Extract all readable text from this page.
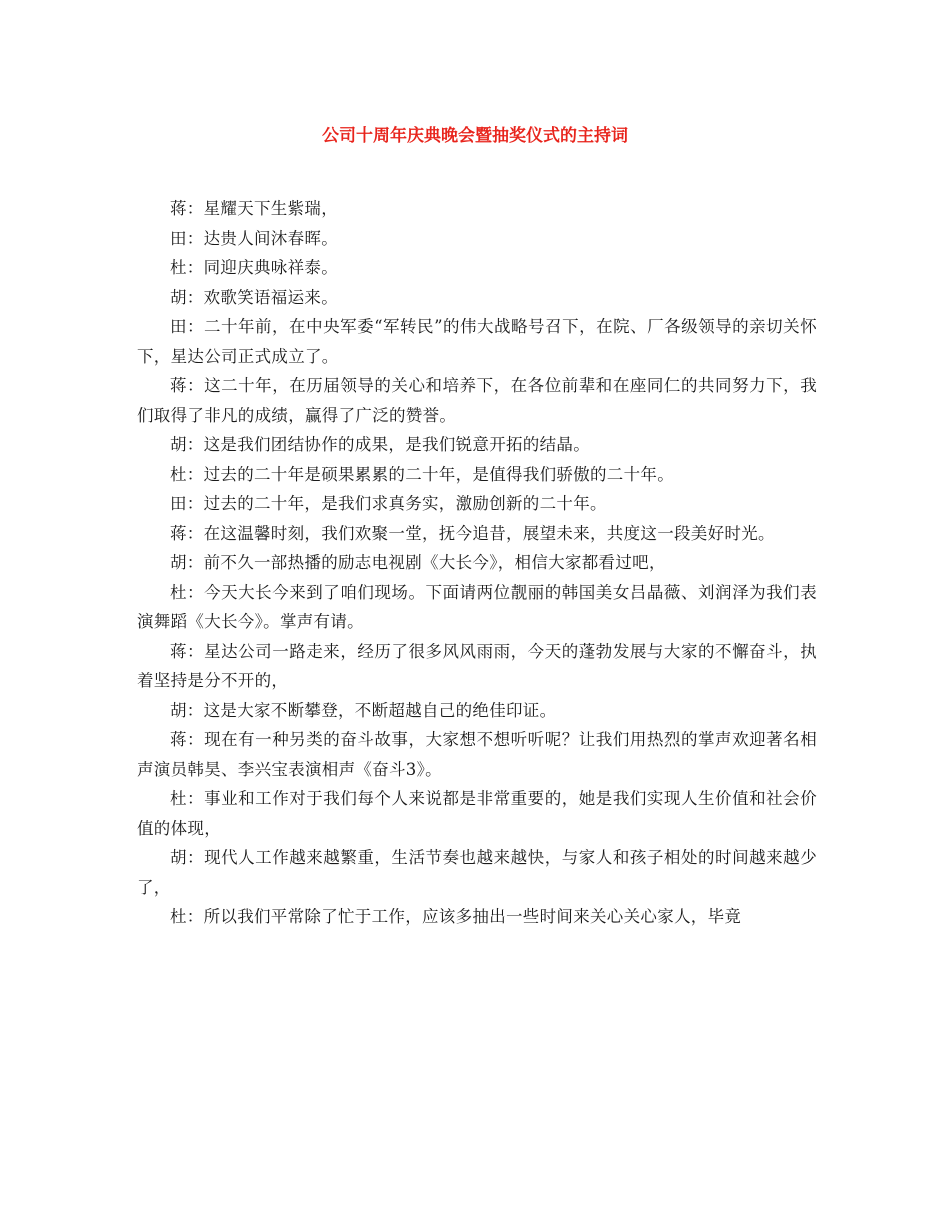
公司十周年庆典晚会暨抽奖仪式的主持词

蒋：星耀天下生紫瑞，

田：达贵人间沐春晖。

杜：同迎庆典咏祥泰。

胡：欢歌笑语福运来。

田：二十年前，在中央军委“军转民”的伟大战略号召下，在院、厂各级领导的亲切关怀下，星达公司正式成立了。

蒋：这二十年，在历届领导的关心和培养下，在各位前辈和在座同仁的共同努力下，我们取得了非凡的成绩，赢得了广泛的赞誉。

胡：这是我们团结协作的成果，是我们锐意开拓的结晶。

杜：过去的二十年是硕果累累的二十年，是值得我们骄傲的二十年。

田：过去的二十年，是我们求真务实，激励创新的二十年。

蒋：在这温馨时刻，我们欢聚一堂，抚今追昔，展望未来，共度这一段美好时光。

胡：前不久一部热播的励志电视剧《大长今》，相信大家都看过吧，

杜：今天大长今来到了咱们现场。下面请两位靓丽的韩国美女吕晶薇、刘润泽为我们表演舞蹈《大长今》。掌声有请。

蒋：星达公司一路走来，经历了很多风风雨雨，今天的蓬勃发展与大家的不懈奋斗，执着坚持是分不开的，

胡：这是大家不断攀登，不断超越自己的绝佳印证。

蒋：现在有一种另类的奋斗故事，大家想不想听听呢？让我们用热烈的掌声欢迎著名相声演员韩昊、李兴宝表演相声《奋斗3》。

杜：事业和工作对于我们每个人来说都是非常重要的，她是我们实现人生价值和社会价值的体现，

胡：现代人工作越来越繁重，生活节奏也越来越快，与家人和孩子相处的时间越来越少了，

杜：所以我们平常除了忙于工作，应该多抽出一些时间来关心关心家人，毕竟
